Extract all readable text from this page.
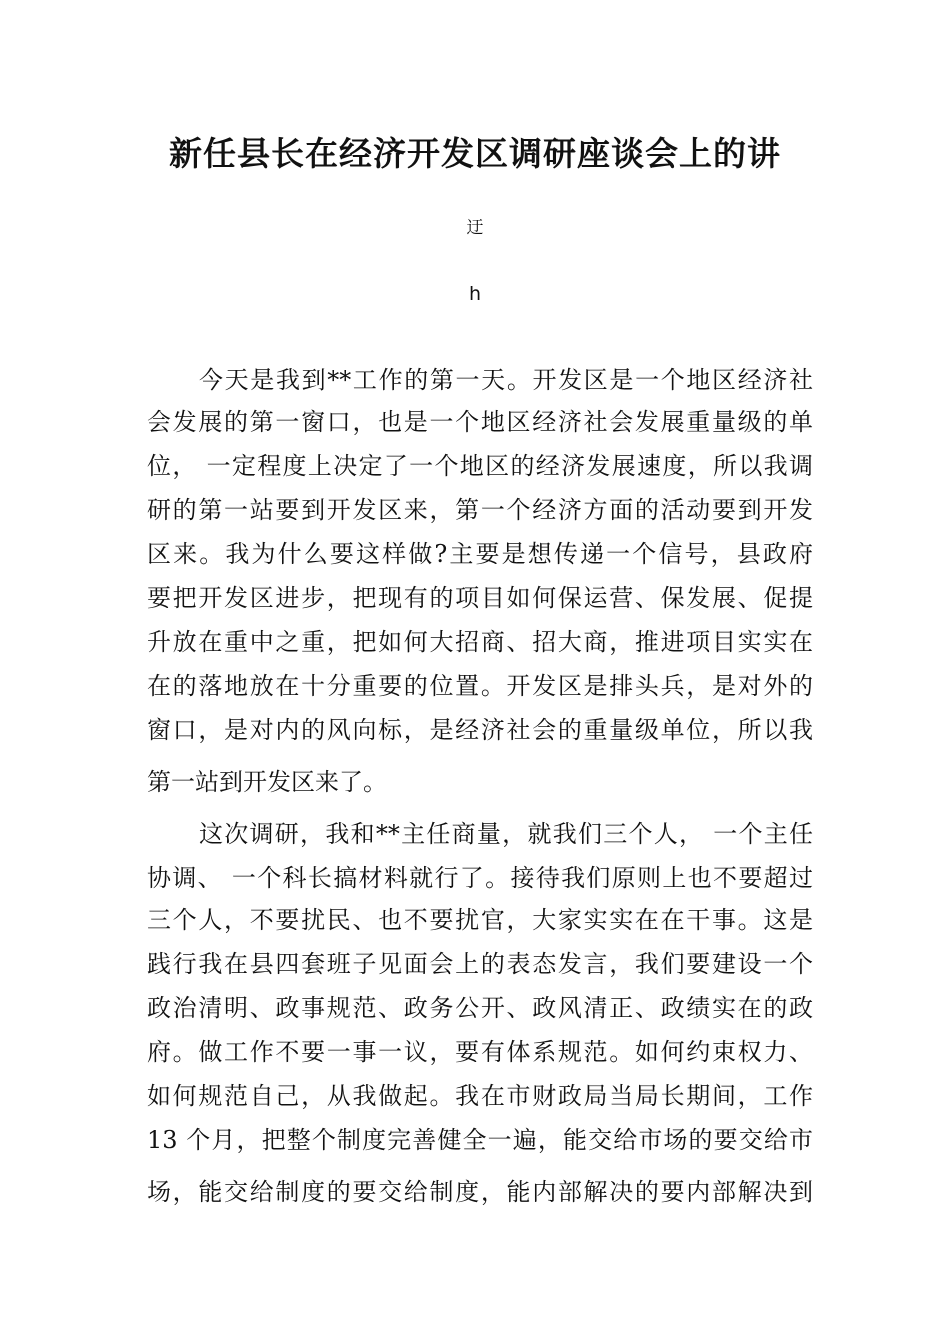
新任县长在经济开发区调研座谈会上的讲
迂
h
今天是我到**工作的第一天。开发区是一个地区经济社
会发展的第一窗口，也是一个地区经济社会发展重量级的单
位， 一定程度上决定了一个地区的经济发展速度，所以我调
研的第一站要到开发区来，第一个经济方面的活动要到开发
区来。我为什么要这样做?主要是想传递一个信号，县政府
要把开发区进步，把现有的项目如何保运营、保发展、促提
升放在重中之重，把如何大招商、招大商，推进项目实实在
在的落地放在十分重要的位置。开发区是排头兵，是对外的
窗口，是对内的风向标，是经济社会的重量级单位，所以我
第一站到开发区来了。
这次调研，我和**主任商量，就我们三个人， 一个主任
协调、 一个科长搞材料就行了。接待我们原则上也不要超过
三个人，不要扰民、也不要扰官，大家实实在在干事。这是
践行我在县四套班子见面会上的表态发言，我们要建设一个
政治清明、政事规范、政务公开、政风清正、政绩实在的政
府。做工作不要一事一议，要有体系规范。如何约束权力、
如何规范自己，从我做起。我在市财政局当局长期间，工作
13 个月，把整个制度完善健全一遍，能交给市场的要交给市
场，能交给制度的要交给制度，能内部解决的要内部解决到
